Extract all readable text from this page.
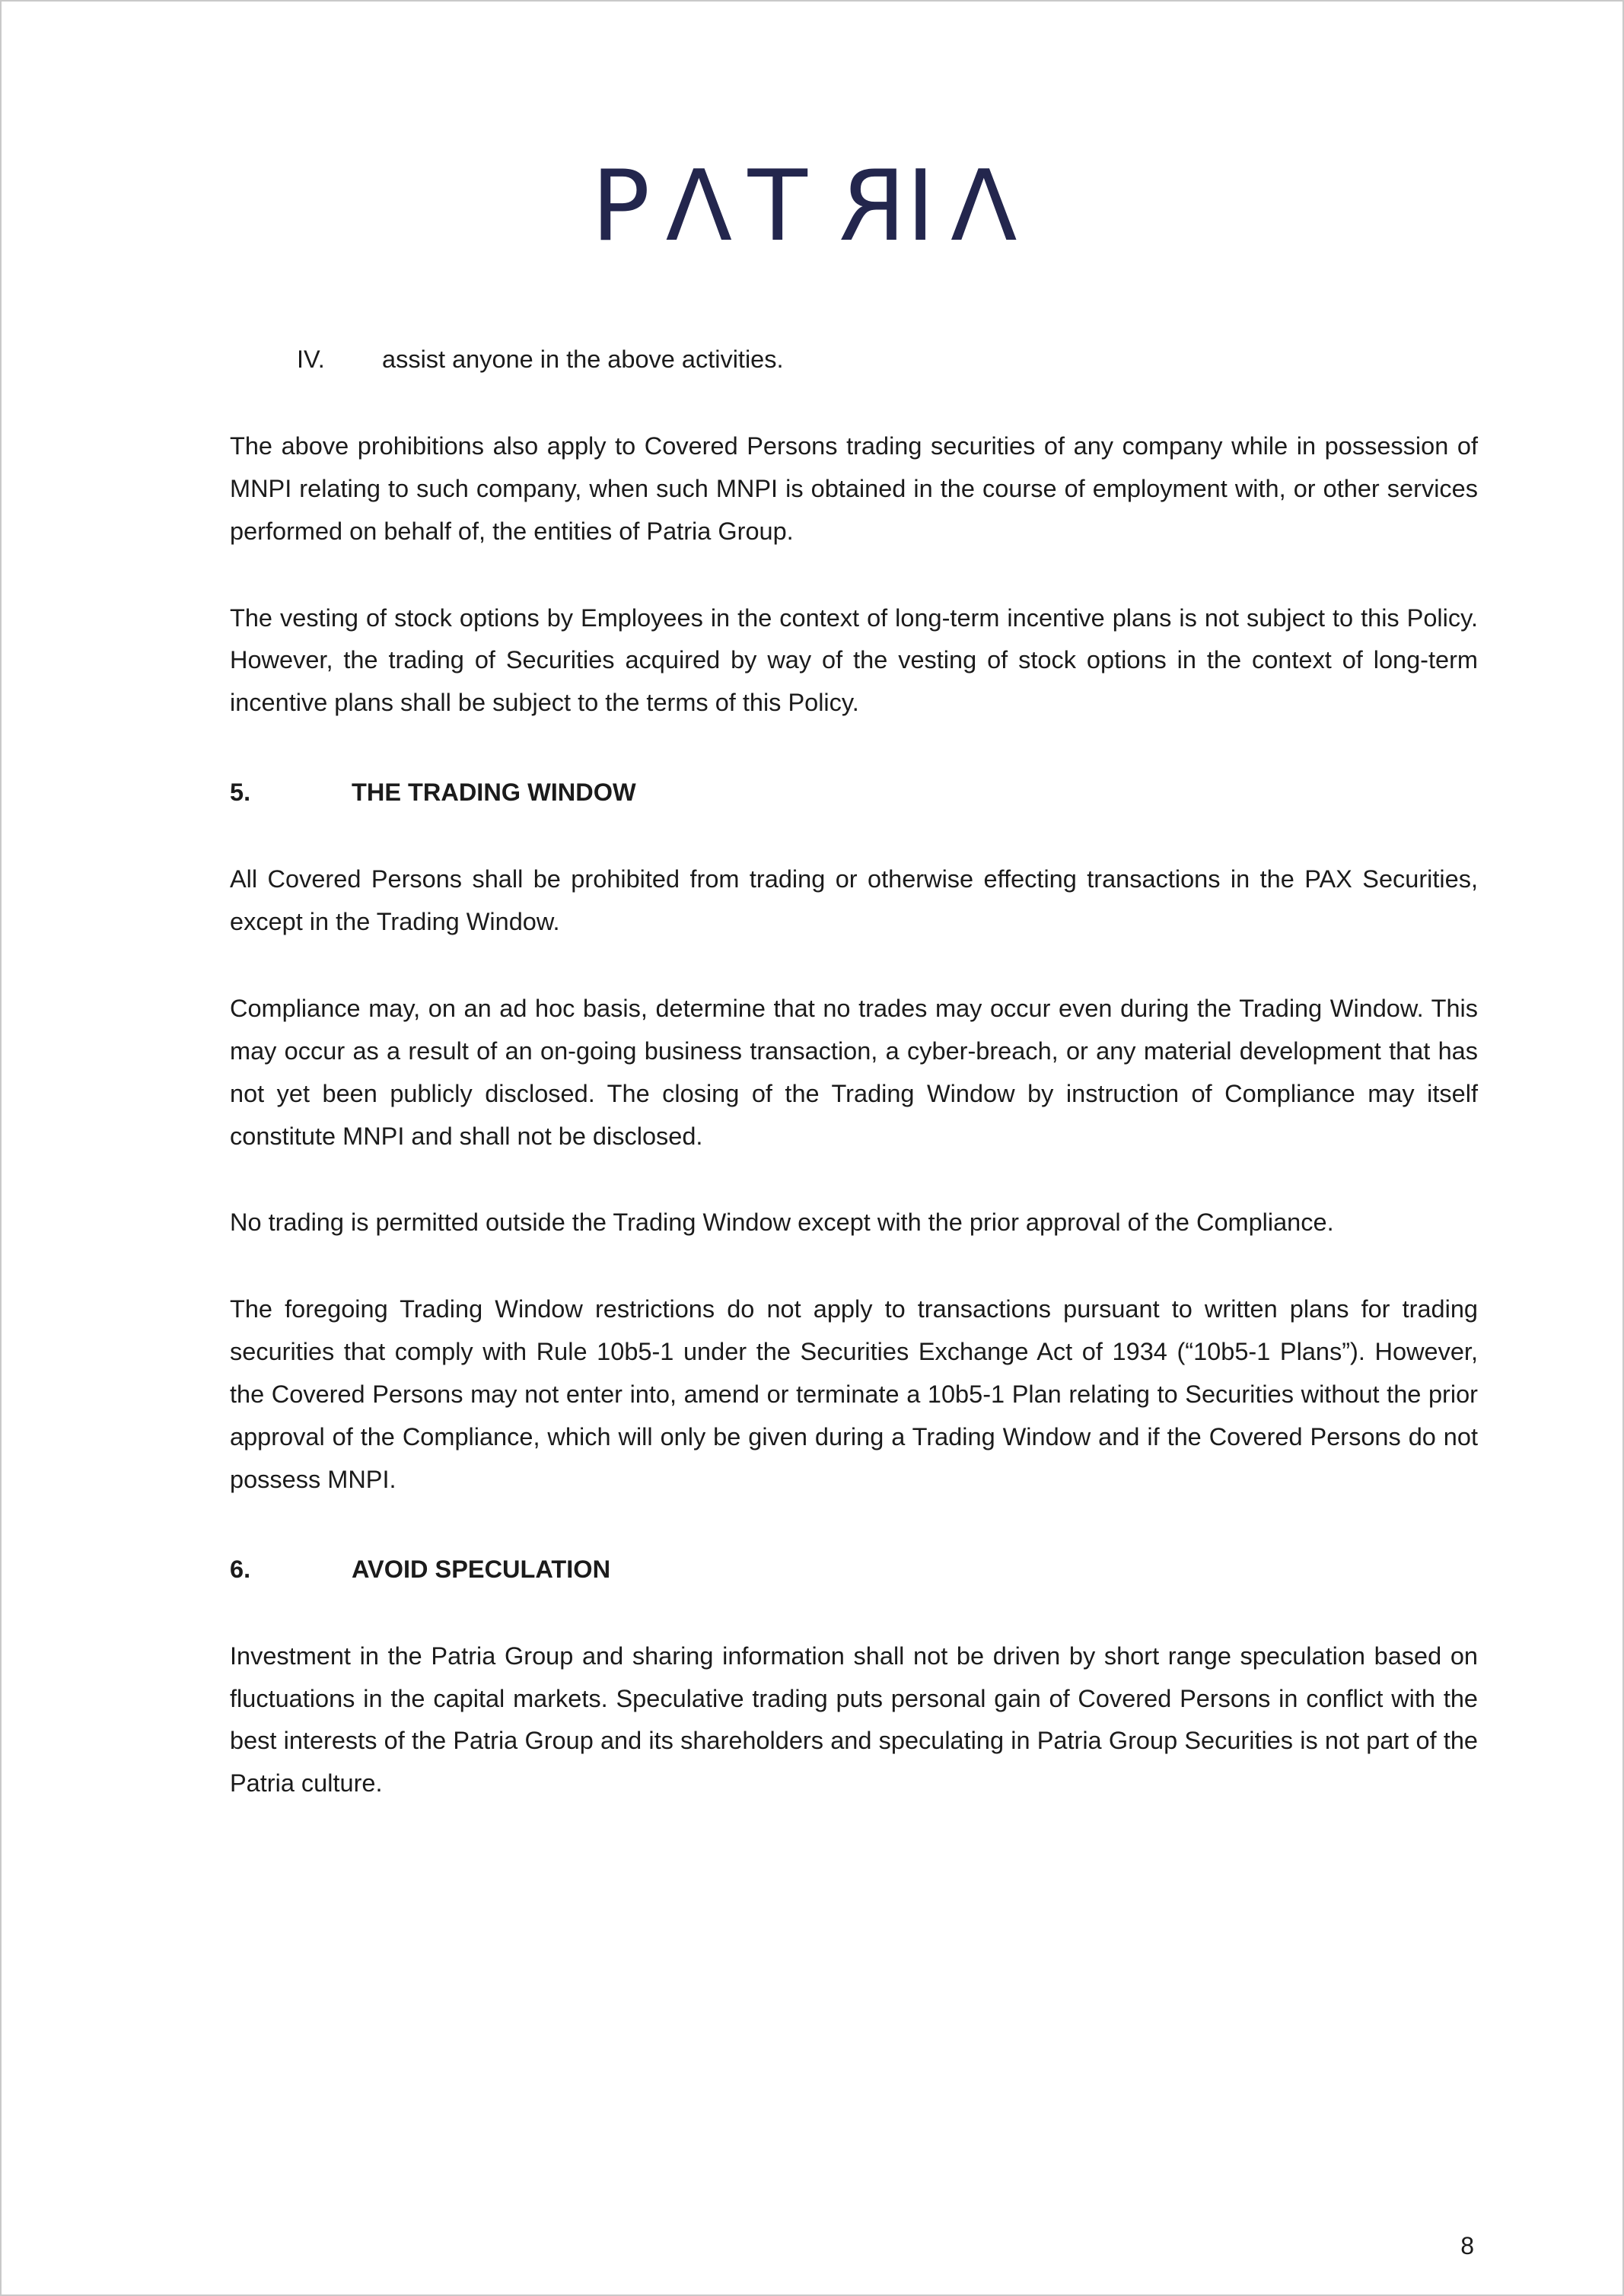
PΛTRIΛ
IV. assist anyone in the above activities.

The above prohibitions also apply to Covered Persons trading securities of any company while in possession of MNPI relating to such company, when such MNPI is obtained in the course of employment with, or other services performed on behalf of, the entities of Patria Group.

The vesting of stock options by Employees in the context of long-term incentive plans is not subject to this Policy. However, the trading of Securities acquired by way of the vesting of stock options in the context of long-term incentive plans shall be subject to the terms of this Policy.

5.	THE TRADING WINDOW

All Covered Persons shall be prohibited from trading or otherwise effecting transactions in the PAX Securities, except in the Trading Window.

Compliance may, on an ad hoc basis, determine that no trades may occur even during the Trading Window. This may occur as a result of an on-going business transaction, a cyber-breach, or any material development that has not yet been publicly disclosed. The closing of the Trading Window by instruction of Compliance may itself constitute MNPI and shall not be disclosed.

No trading is permitted outside the Trading Window except with the prior approval of the Compliance.

The foregoing Trading Window restrictions do not apply to transactions pursuant to written plans for trading securities that comply with Rule 10b5-1 under the Securities Exchange Act of 1934 (“10b5-1 Plans”). However, the Covered Persons may not enter into, amend or terminate a 10b5-1 Plan relating to Securities without the prior approval of the Compliance, which will only be given during a Trading Window and if the Covered Persons do not possess MNPI.

6.	AVOID SPECULATION

Investment in the Patria Group and sharing information shall not be driven by short range speculation based on fluctuations in the capital markets. Speculative trading puts personal gain of Covered Persons in conflict with the best interests of the Patria Group and its shareholders and speculating in Patria Group Securities is not part of the Patria culture.

8
